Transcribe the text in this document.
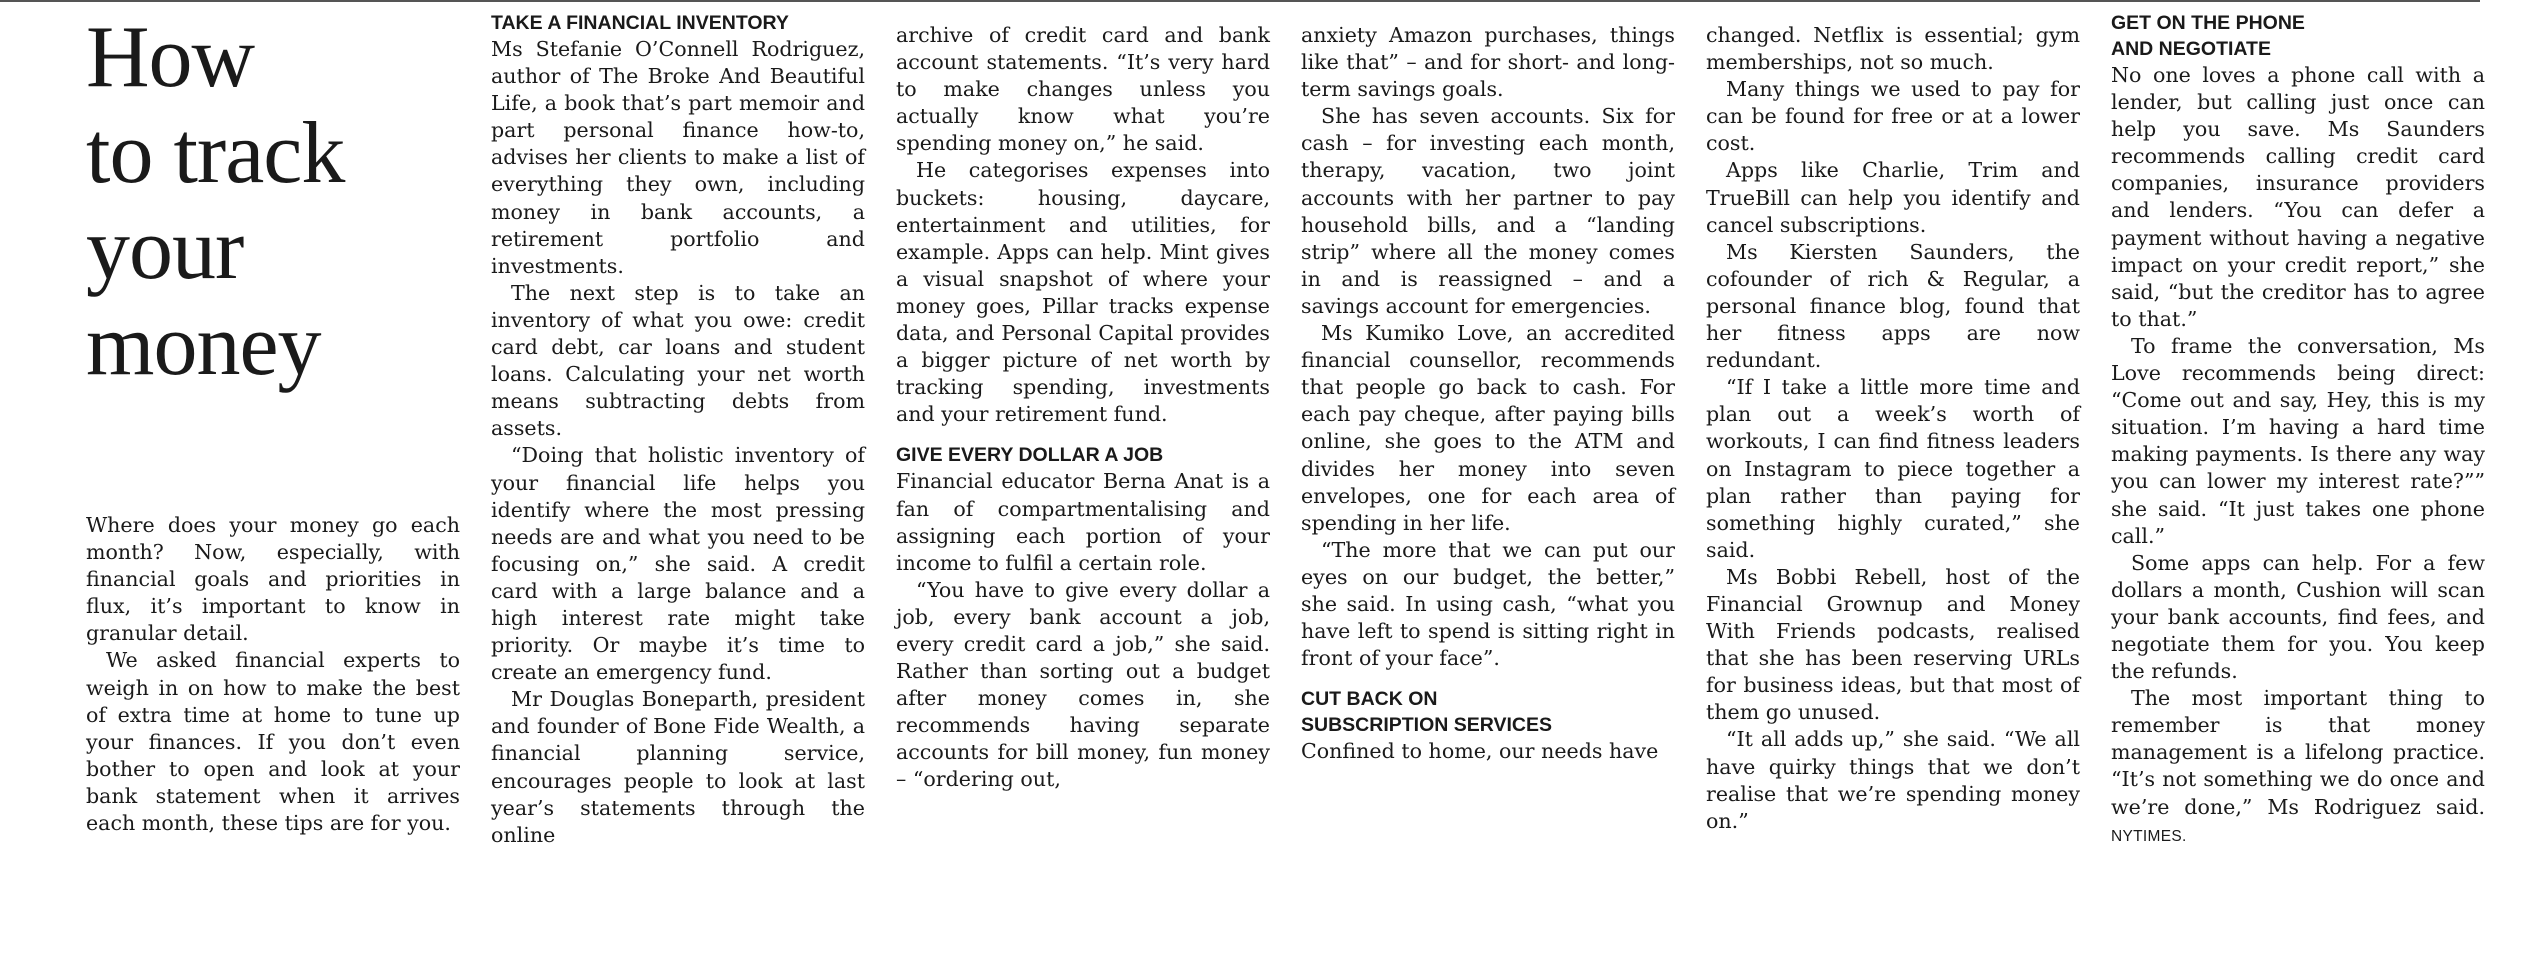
How
to track
your
money

Where does your money go each month? Now, especially, with financial goals and priorities in flux, it’s important to know in granular detail.

We asked financial experts to weigh in on how to make the best of extra time at home to tune up your finances. If you don’t even bother to open and look at your bank statement when it arrives each month, these tips are for you.

TAKE A FINANCIAL INVENTORY

Ms Stefanie O’Connell Rodriguez, author of The Broke And Beautiful Life, a book that’s part memoir and part personal finance how-to, advises her clients to make a list of everything they own, including money in bank accounts, a retirement portfolio and investments.

The next step is to take an inventory of what you owe: credit card debt, car loans and student loans. Calculating your net worth means subtracting debts from assets.

“Doing that holistic inventory of your financial life helps you identify where the most pressing needs are and what you need to be focusing on,” she said. A credit card with a large balance and a high interest rate might take priority. Or maybe it’s time to create an emergency fund.

Mr Douglas Boneparth, president and founder of Bone Fide Wealth, a financial planning service, encourages people to look at last year’s statements through the online

archive of credit card and bank account statements. “It’s very hard to make changes unless you actually know what you’re spending money on,” he said.

He categorises expenses into buckets: housing, daycare, entertainment and utilities, for example. Apps can help. Mint gives a visual snapshot of where your money goes, Pillar tracks expense data, and Personal Capital provides a bigger picture of net worth by tracking spending, investments and your retirement fund.

GIVE EVERY DOLLAR A JOB

Financial educator Berna Anat is a fan of compartmentalising and assigning each portion of your income to fulfil a certain role.

“You have to give every dollar a job, every bank account a job, every credit card a job,” she said. Rather than sorting out a budget after money comes in, she recommends having separate accounts for bill money, fun money – “ordering out,

anxiety Amazon purchases, things like that” – and for short- and long-term savings goals.

She has seven accounts. Six for cash – for investing each month, therapy, vacation, two joint accounts with her partner to pay household bills, and a “landing strip” where all the money comes in and is reassigned – and a savings account for emergencies.

Ms Kumiko Love, an accredited financial counsellor, recommends that people go back to cash. For each pay cheque, after paying bills online, she goes to the ATM and divides her money into seven envelopes, one for each area of spending in her life.

“The more that we can put our eyes on our budget, the better,” she said. In using cash, “what you have left to spend is sitting right in front of your face”.

CUT BACK ON
SUBSCRIPTION SERVICES

Confined to home, our needs have

changed. Netflix is essential; gym memberships, not so much.

Many things we used to pay for can be found for free or at a lower cost.

Apps like Charlie, Trim and TrueBill can help you identify and cancel subscriptions.

Ms Kiersten Saunders, the cofounder of rich & Regular, a personal finance blog, found that her fitness apps are now redundant.

“If I take a little more time and plan out a week’s worth of workouts, I can find fitness leaders on Instagram to piece together a plan rather than paying for something highly curated,” she said.

Ms Bobbi Rebell, host of the Financial Grownup and Money With Friends podcasts, realised that she has been reserving URLs for business ideas, but that most of them go unused.

“It all adds up,” she said. “We all have quirky things that we don’t realise that we’re spending money on.”

GET ON THE PHONE
AND NEGOTIATE

No one loves a phone call with a lender, but calling just once can help you save. Ms Saunders recommends calling credit card companies, insurance providers and lenders. “You can defer a payment without having a negative impact on your credit report,” she said, “but the creditor has to agree to that.”

To frame the conversation, Ms Love recommends being direct: “Come out and say, Hey, this is my situation. I’m having a hard time making payments. Is there any way you can lower my interest rate?”” she said. “It just takes one phone call.”

Some apps can help. For a few dollars a month, Cushion will scan your bank accounts, find fees, and negotiate them for you. You keep the refunds.

The most important thing to remember is that money management is a lifelong practice. “It’s not something we do once and we’re done,” Ms Rodriguez said. NYTIMES.
